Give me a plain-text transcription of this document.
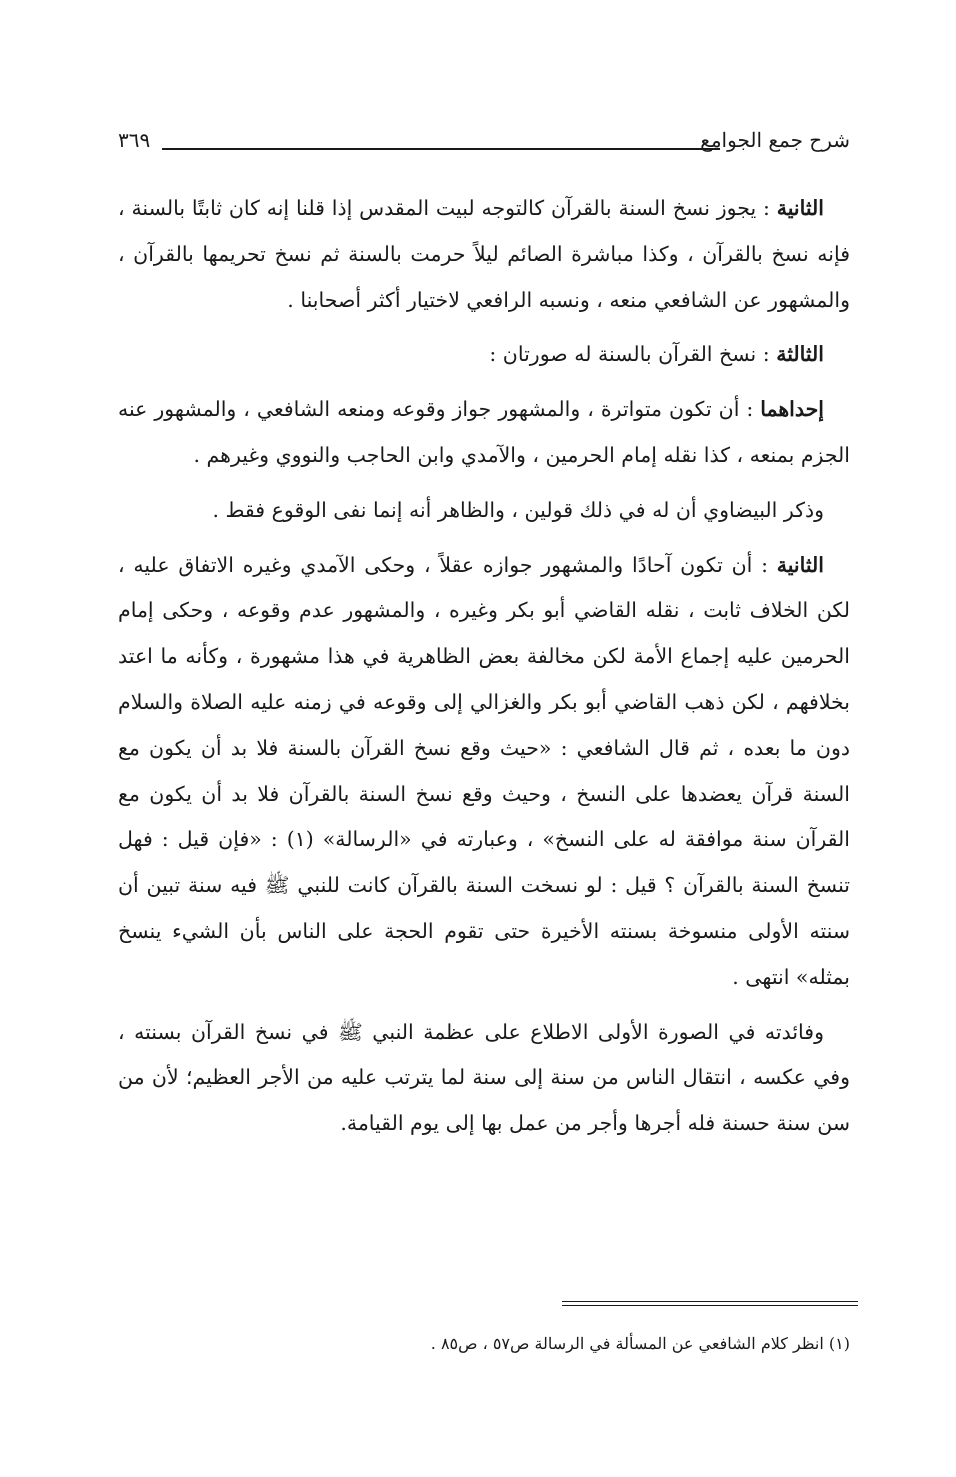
شرح جمع الجوامع
٣٦٩

الثانية : يجوز نسخ السنة بالقرآن كالتوجه لبيت المقدس إذا قلنا إنه كان ثابتًا بالسنة ، فإنه نسخ بالقرآن ، وكذا مباشرة الصائم ليلاً حرمت بالسنة ثم نسخ تحريمها بالقرآن ، والمشهور عن الشافعي منعه ، ونسبه الرافعي لاختيار أكثر أصحابنا .

الثالثة : نسخ القرآن بالسنة له صورتان :

إحداهما : أن تكون متواترة ، والمشهور جواز وقوعه ومنعه الشافعي ، والمشهور عنه الجزم بمنعه ، كذا نقله إمام الحرمين ، والآمدي وابن الحاجب والنووي وغيرهم .

وذكر البيضاوي أن له في ذلك قولين ، والظاهر أنه إنما نفى الوقوع فقط .

الثانية : أن تكون آحادًا والمشهور جوازه عقلاً ، وحكى الآمدي وغيره الاتفاق عليه ، لكن الخلاف ثابت ، نقله القاضي أبو بكر وغيره ، والمشهور عدم وقوعه ، وحكى إمام الحرمين عليه إجماع الأمة لكن مخالفة بعض الظاهرية في هذا مشهورة ، وكأنه ما اعتد بخلافهم ، لكن ذهب القاضي أبو بكر والغزالي إلى وقوعه في زمنه عليه الصلاة والسلام دون ما بعده ، ثم قال الشافعي : «حيث وقع نسخ القرآن بالسنة فلا بد أن يكون مع السنة قرآن يعضدها على النسخ ، وحيث وقع نسخ السنة بالقرآن فلا بد أن يكون مع القرآن سنة موافقة له على النسخ» ، وعبارته في «الرسالة» (١) : «فإن قيل : فهل تنسخ السنة بالقرآن ؟ قيل : لو نسخت السنة بالقرآن كانت للنبي ﷺ فيه سنة تبين أن سنته الأولى منسوخة بسنته الأخيرة حتى تقوم الحجة على الناس بأن الشيء ينسخ بمثله» انتهى .

وفائدته في الصورة الأولى الاطلاع على عظمة النبي ﷺ في نسخ القرآن بسنته ، وفي عكسه ، انتقال الناس من سنة إلى سنة لما يترتب عليه من الأجر العظيم؛ لأن من سن سنة حسنة فله أجرها وأجر من عمل بها إلى يوم القيامة.

(١) انظر كلام الشافعي عن المسألة في الرسالة ص٥٧ ، ص٨٥ .
